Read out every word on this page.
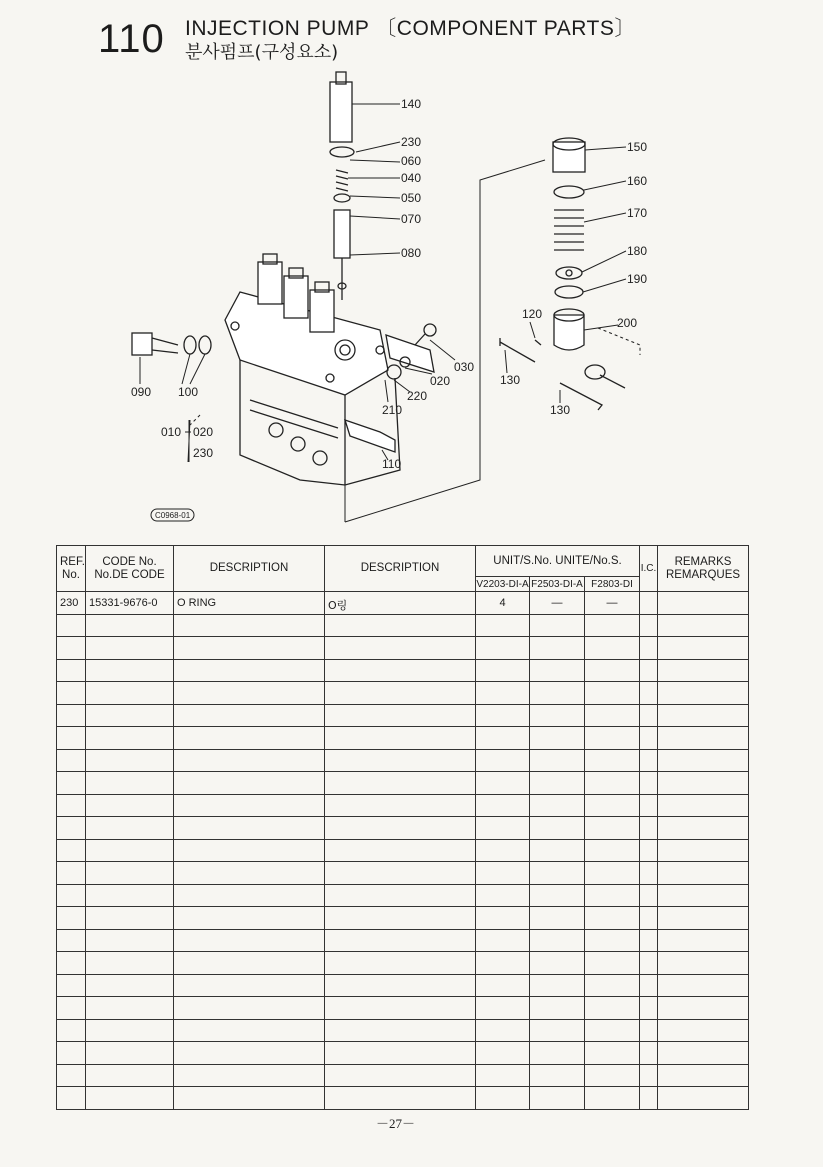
110 INJECTION PUMP 〔COMPONENT PARTS〕
분사펌프(구성요소)
140
230
060
040
050
070
080
150
160
170
180
190
120
200
130
130
030
020
220
210
110
090 100
010 020
230
C0968-01
REF. No.	CODE No. No.DE CODE	DESCRIPTION	DESCRIPTION	UNIT/S.No. UNITE/No.S.			I.C.	REMARKS REMARQUES
				V2203-DI-A	F2503-DI-A	F2803-DI		
230	15331-9676-0	O RING	O링	4	—	—		

－27－
